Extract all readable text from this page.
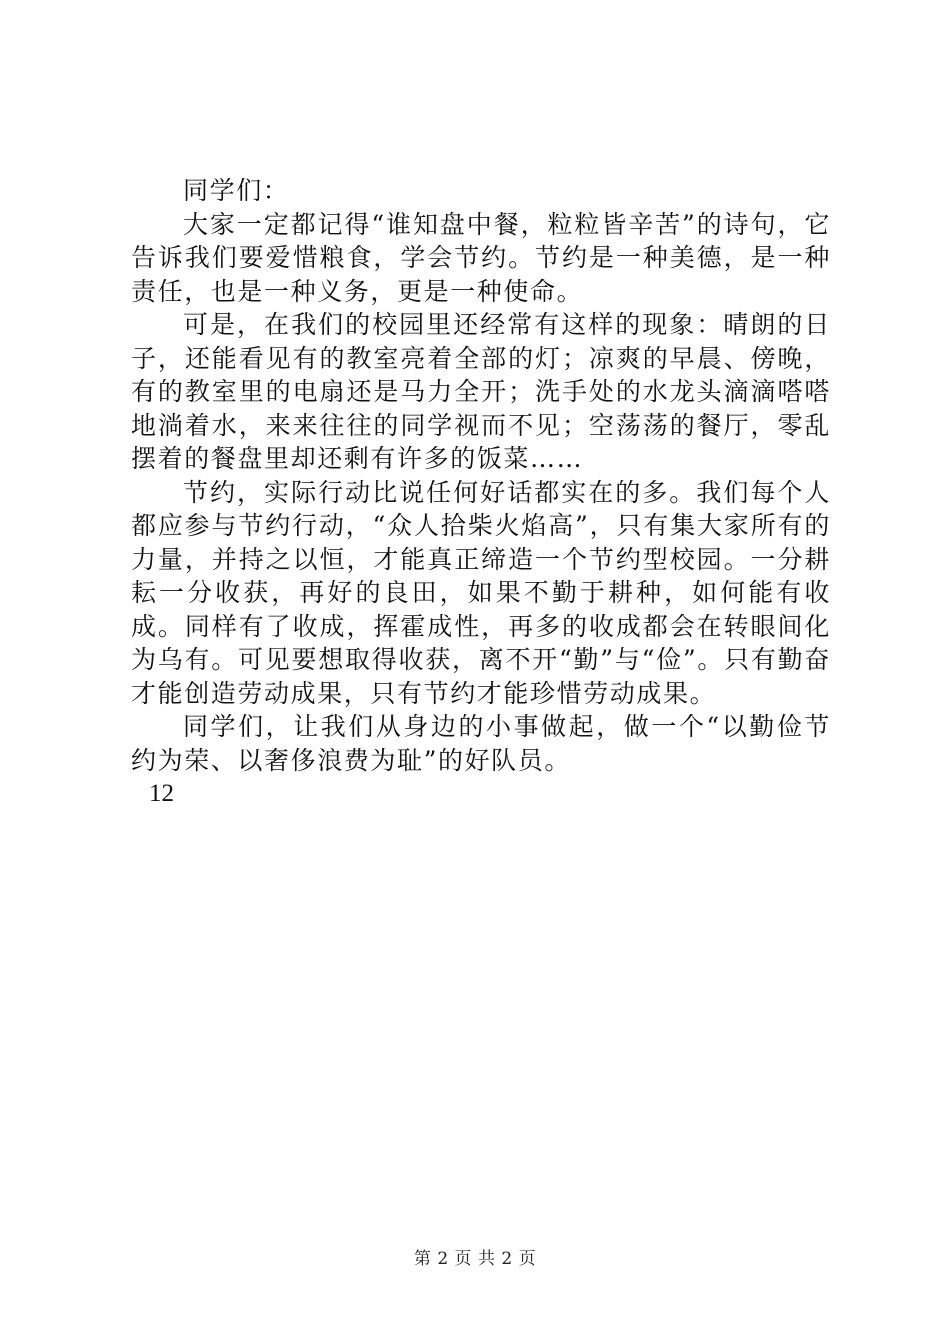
同学们：

大家一定都记得“谁知盘中餐，粒粒皆辛苦”的诗句，它告诉我们要爱惜粮食，学会节约。节约是一种美德，是一种责任，也是一种义务，更是一种使命。

可是，在我们的校园里还经常有这样的现象：晴朗的日子，还能看见有的教室亮着全部的灯；凉爽的早晨、傍晚，有的教室里的电扇还是马力全开；洗手处的水龙头滴滴嗒嗒地淌着水，来来往往的同学视而不见；空荡荡的餐厅，零乱摆着的餐盘里却还剩有许多的饭菜……

节约，实际行动比说任何好话都实在的多。我们每个人都应参与节约行动，“众人拾柴火焰高”，只有集大家所有的力量，并持之以恒，才能真正缔造一个节约型校园。一分耕耘一分收获，再好的良田，如果不勤于耕种，如何能有收成。同样有了收成，挥霍成性，再多的收成都会在转眼间化为乌有。可见要想取得收获，离不开“勤”与“俭”。只有勤奋才能创造劳动成果，只有节约才能珍惜劳动成果。

同学们，让我们从身边的小事做起，做一个“以勤俭节约为荣、以奢侈浪费为耻”的好队员。

12

第 2 页 共 2 页
